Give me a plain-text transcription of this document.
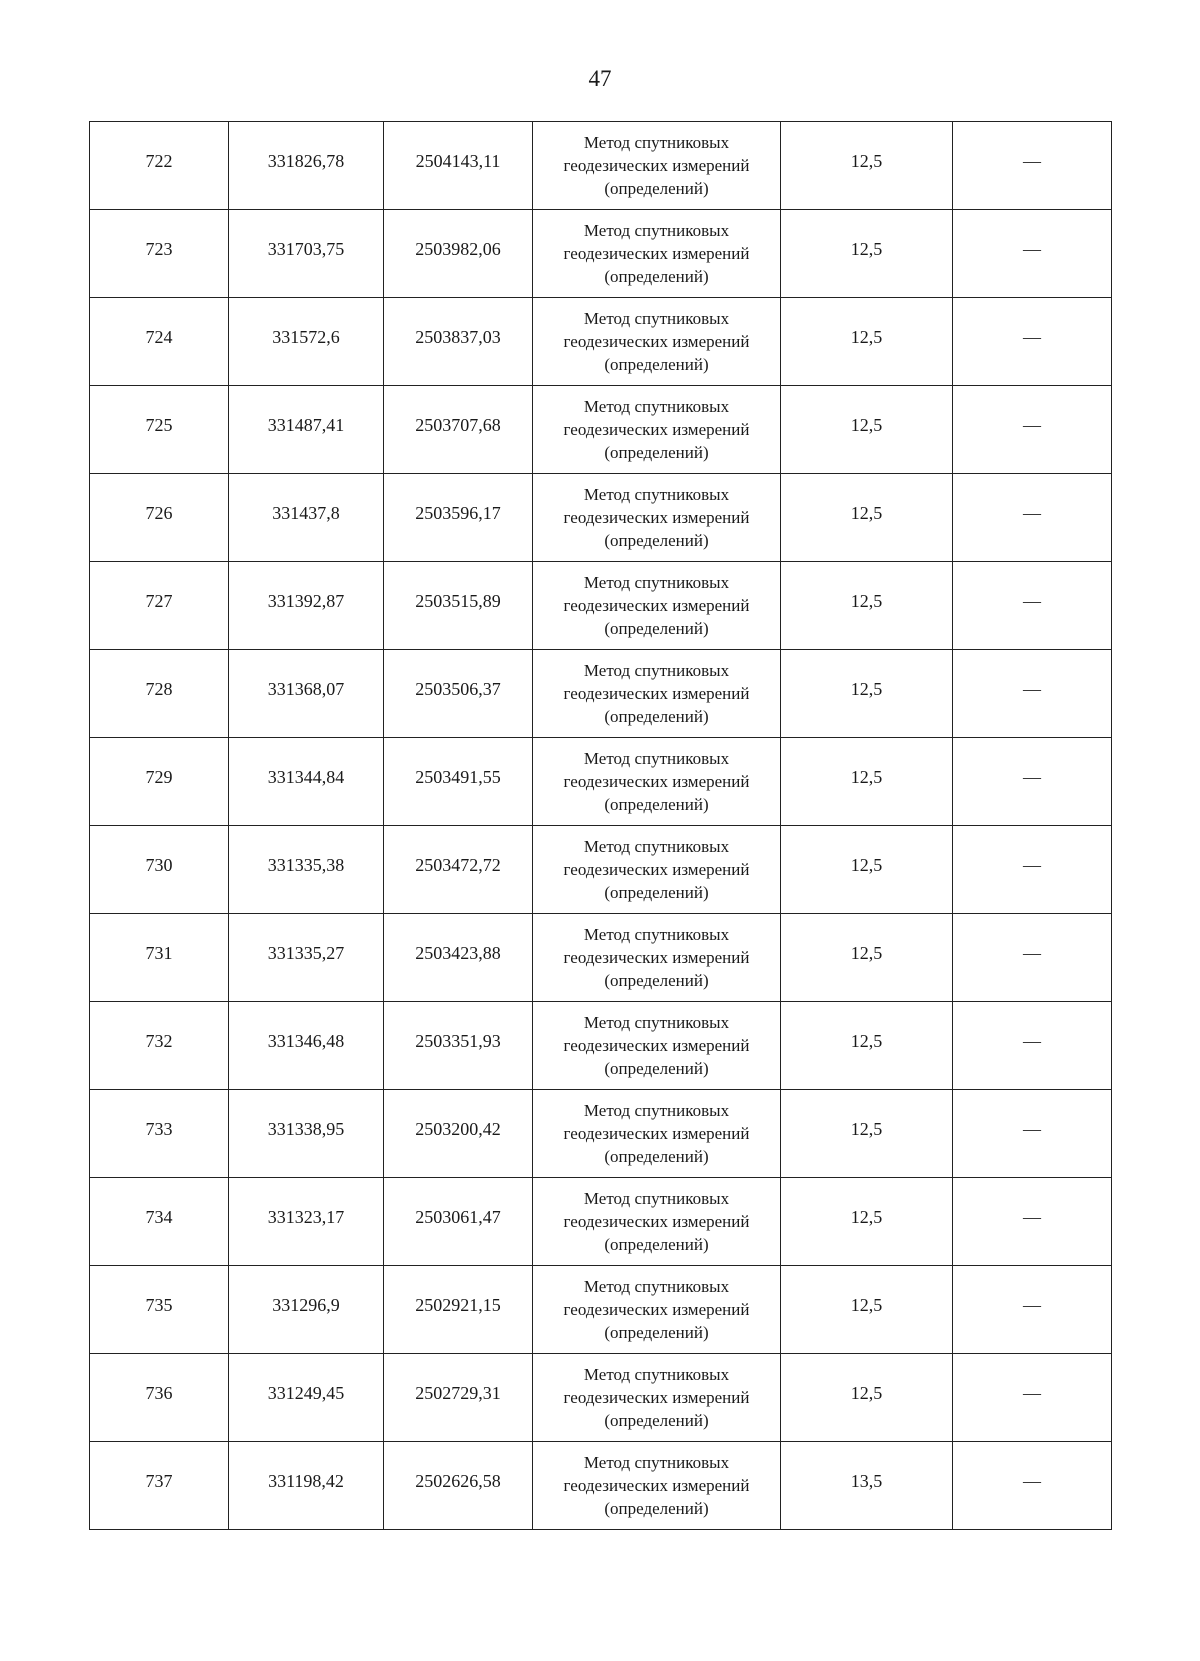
47
722	331826,78	2504143,11	Метод спутниковых
геодезических измерений
(определений)	12,5	—
723	331703,75	2503982,06	Метод спутниковых
геодезических измерений
(определений)	12,5	—
724	331572,6	2503837,03	Метод спутниковых
геодезических измерений
(определений)	12,5	—
725	331487,41	2503707,68	Метод спутниковых
геодезических измерений
(определений)	12,5	—
726	331437,8	2503596,17	Метод спутниковых
геодезических измерений
(определений)	12,5	—
727	331392,87	2503515,89	Метод спутниковых
геодезических измерений
(определений)	12,5	—
728	331368,07	2503506,37	Метод спутниковых
геодезических измерений
(определений)	12,5	—
729	331344,84	2503491,55	Метод спутниковых
геодезических измерений
(определений)	12,5	—
730	331335,38	2503472,72	Метод спутниковых
геодезических измерений
(определений)	12,5	—
731	331335,27	2503423,88	Метод спутниковых
геодезических измерений
(определений)	12,5	—
732	331346,48	2503351,93	Метод спутниковых
геодезических измерений
(определений)	12,5	—
733	331338,95	2503200,42	Метод спутниковых
геодезических измерений
(определений)	12,5	—
734	331323,17	2503061,47	Метод спутниковых
геодезических измерений
(определений)	12,5	—
735	331296,9	2502921,15	Метод спутниковых
геодезических измерений
(определений)	12,5	—
736	331249,45	2502729,31	Метод спутниковых
геодезических измерений
(определений)	12,5	—
737	331198,42	2502626,58	Метод спутниковых
геодезических измерений
(определений)	13,5	—
